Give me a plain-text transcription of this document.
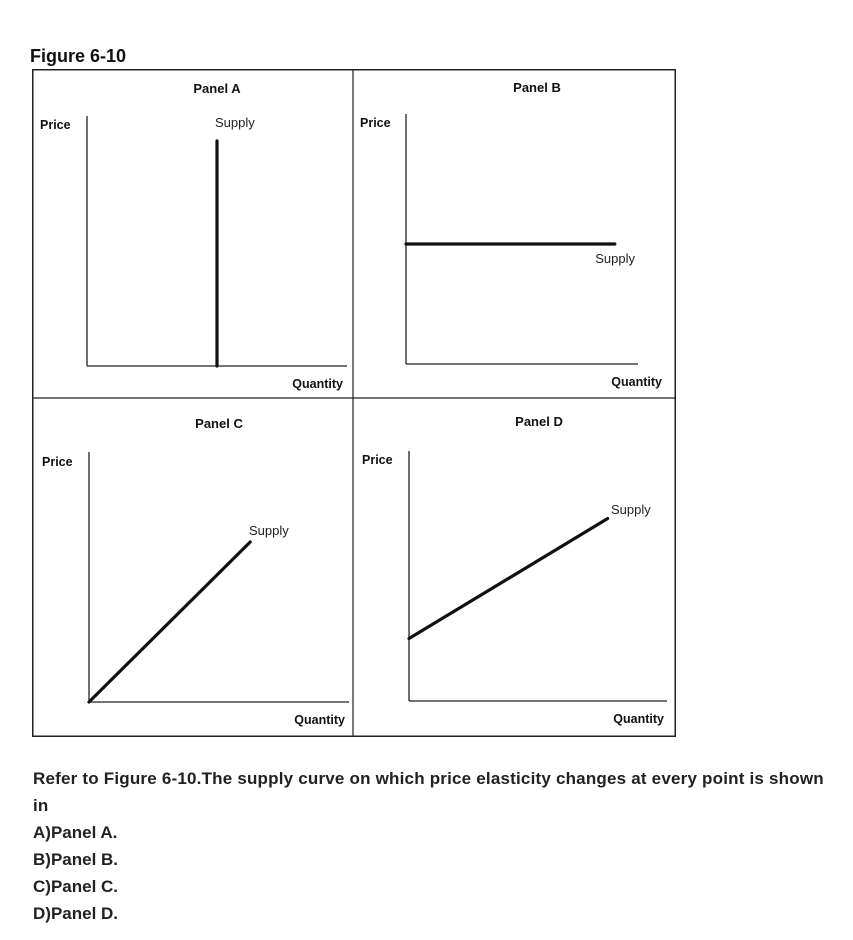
Figure 6-10
Panel A
Price
Quantity
Supply
Panel B
Price
Quantity
Supply
Panel C
Price
Quantity
Supply
Panel D
Price
Quantity
Supply
Refer to Figure 6-10.The supply curve on which price elasticity changes at every point is shown in
A)Panel A.
B)Panel B.
C)Panel C.
D)Panel D.
